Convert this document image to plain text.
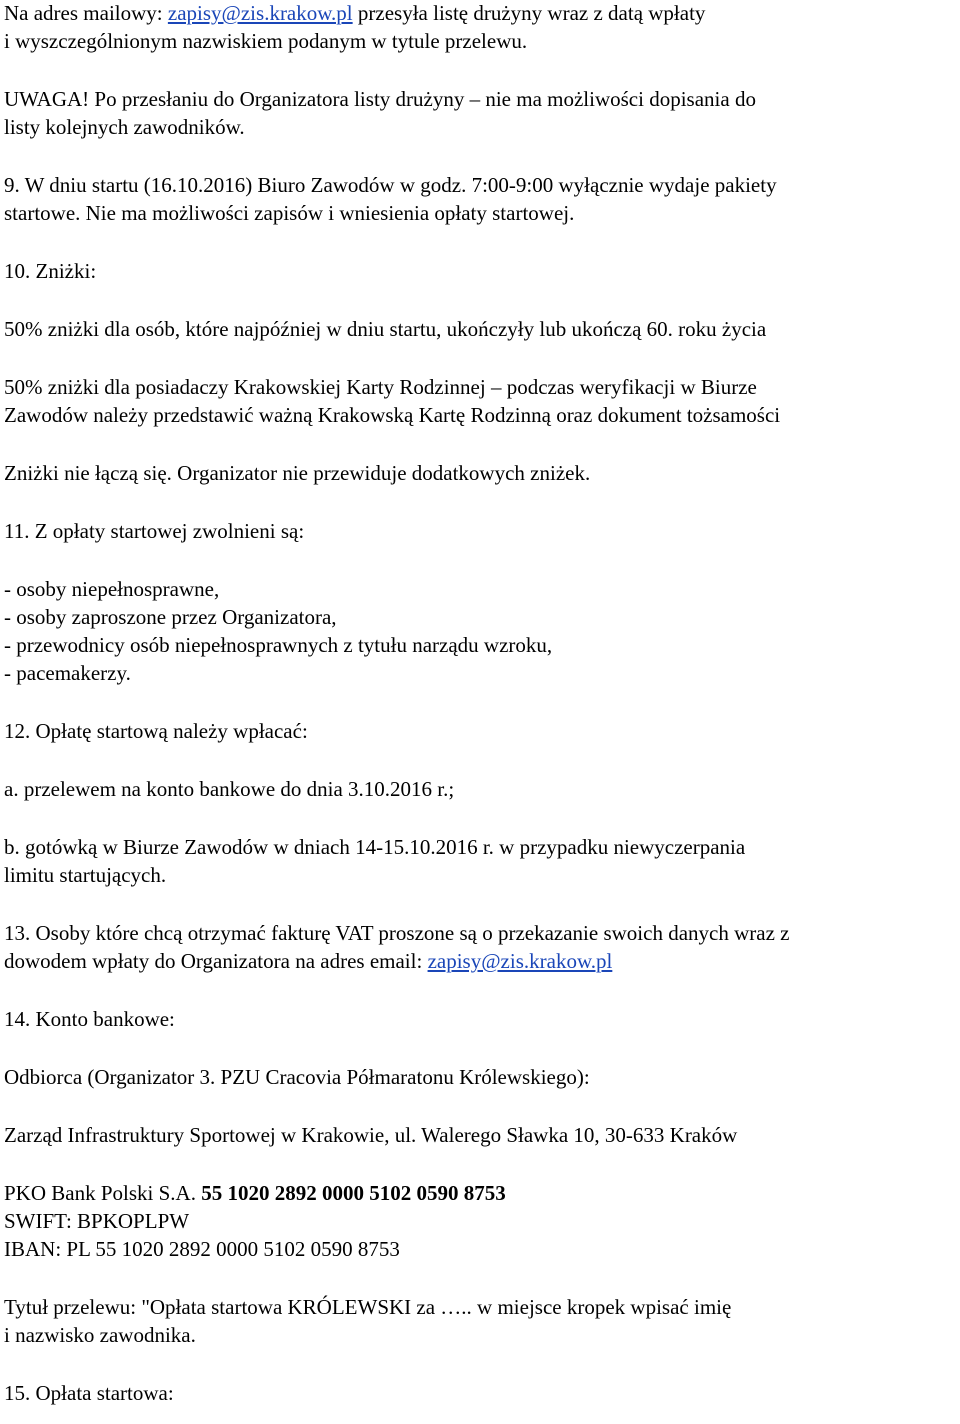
Na adres mailowy: zapisy@zis.krakow.pl przesyła listę drużyny wraz z datą wpłaty
i wyszczególnionym nazwiskiem podanym w tytule przelewu.

UWAGA! Po przesłaniu do Organizatora listy drużyny – nie ma możliwości dopisania do
listy kolejnych zawodników.

9. W dniu startu (16.10.2016) Biuro Zawodów w godz. 7:00-9:00 wyłącznie wydaje pakiety
startowe. Nie ma możliwości zapisów i wniesienia opłaty startowej.

10. Zniżki:

50% zniżki dla osób, które najpóźniej w dniu startu, ukończyły lub ukończą 60. roku życia

50% zniżki dla posiadaczy Krakowskiej Karty Rodzinnej – podczas weryfikacji w Biurze
Zawodów należy przedstawić ważną Krakowską Kartę Rodzinną oraz dokument tożsamości

Zniżki nie łączą się. Organizator nie przewiduje dodatkowych zniżek.

11. Z opłaty startowej zwolnieni są:

- osoby niepełnosprawne,
- osoby zaproszone przez Organizatora,
- przewodnicy osób niepełnosprawnych z tytułu narządu wzroku,
- pacemakerzy.

12. Opłatę startową należy wpłacać:

a. przelewem na konto bankowe do dnia 3.10.2016 r.;

b. gotówką w Biurze Zawodów w dniach 14-15.10.2016 r. w przypadku niewyczerpania
limitu startujących.

13. Osoby które chcą otrzymać fakturę VAT proszone są o przekazanie swoich danych wraz z
dowodem wpłaty do Organizatora na adres email: zapisy@zis.krakow.pl

14. Konto bankowe:

Odbiorca (Organizator 3. PZU Cracovia Półmaratonu Królewskiego):

Zarząd Infrastruktury Sportowej w Krakowie, ul. Walerego Sławka 10, 30-633 Kraków

PKO Bank Polski S.A. 55 1020 2892 0000 5102 0590 8753
SWIFT: BPKOPLPW
IBAN: PL 55 1020 2892 0000 5102 0590 8753

Tytuł przelewu: "Opłata startowa KRÓLEWSKI za ….. w miejsce kropek wpisać imię
i nazwisko zawodnika.

15. Opłata startowa:
